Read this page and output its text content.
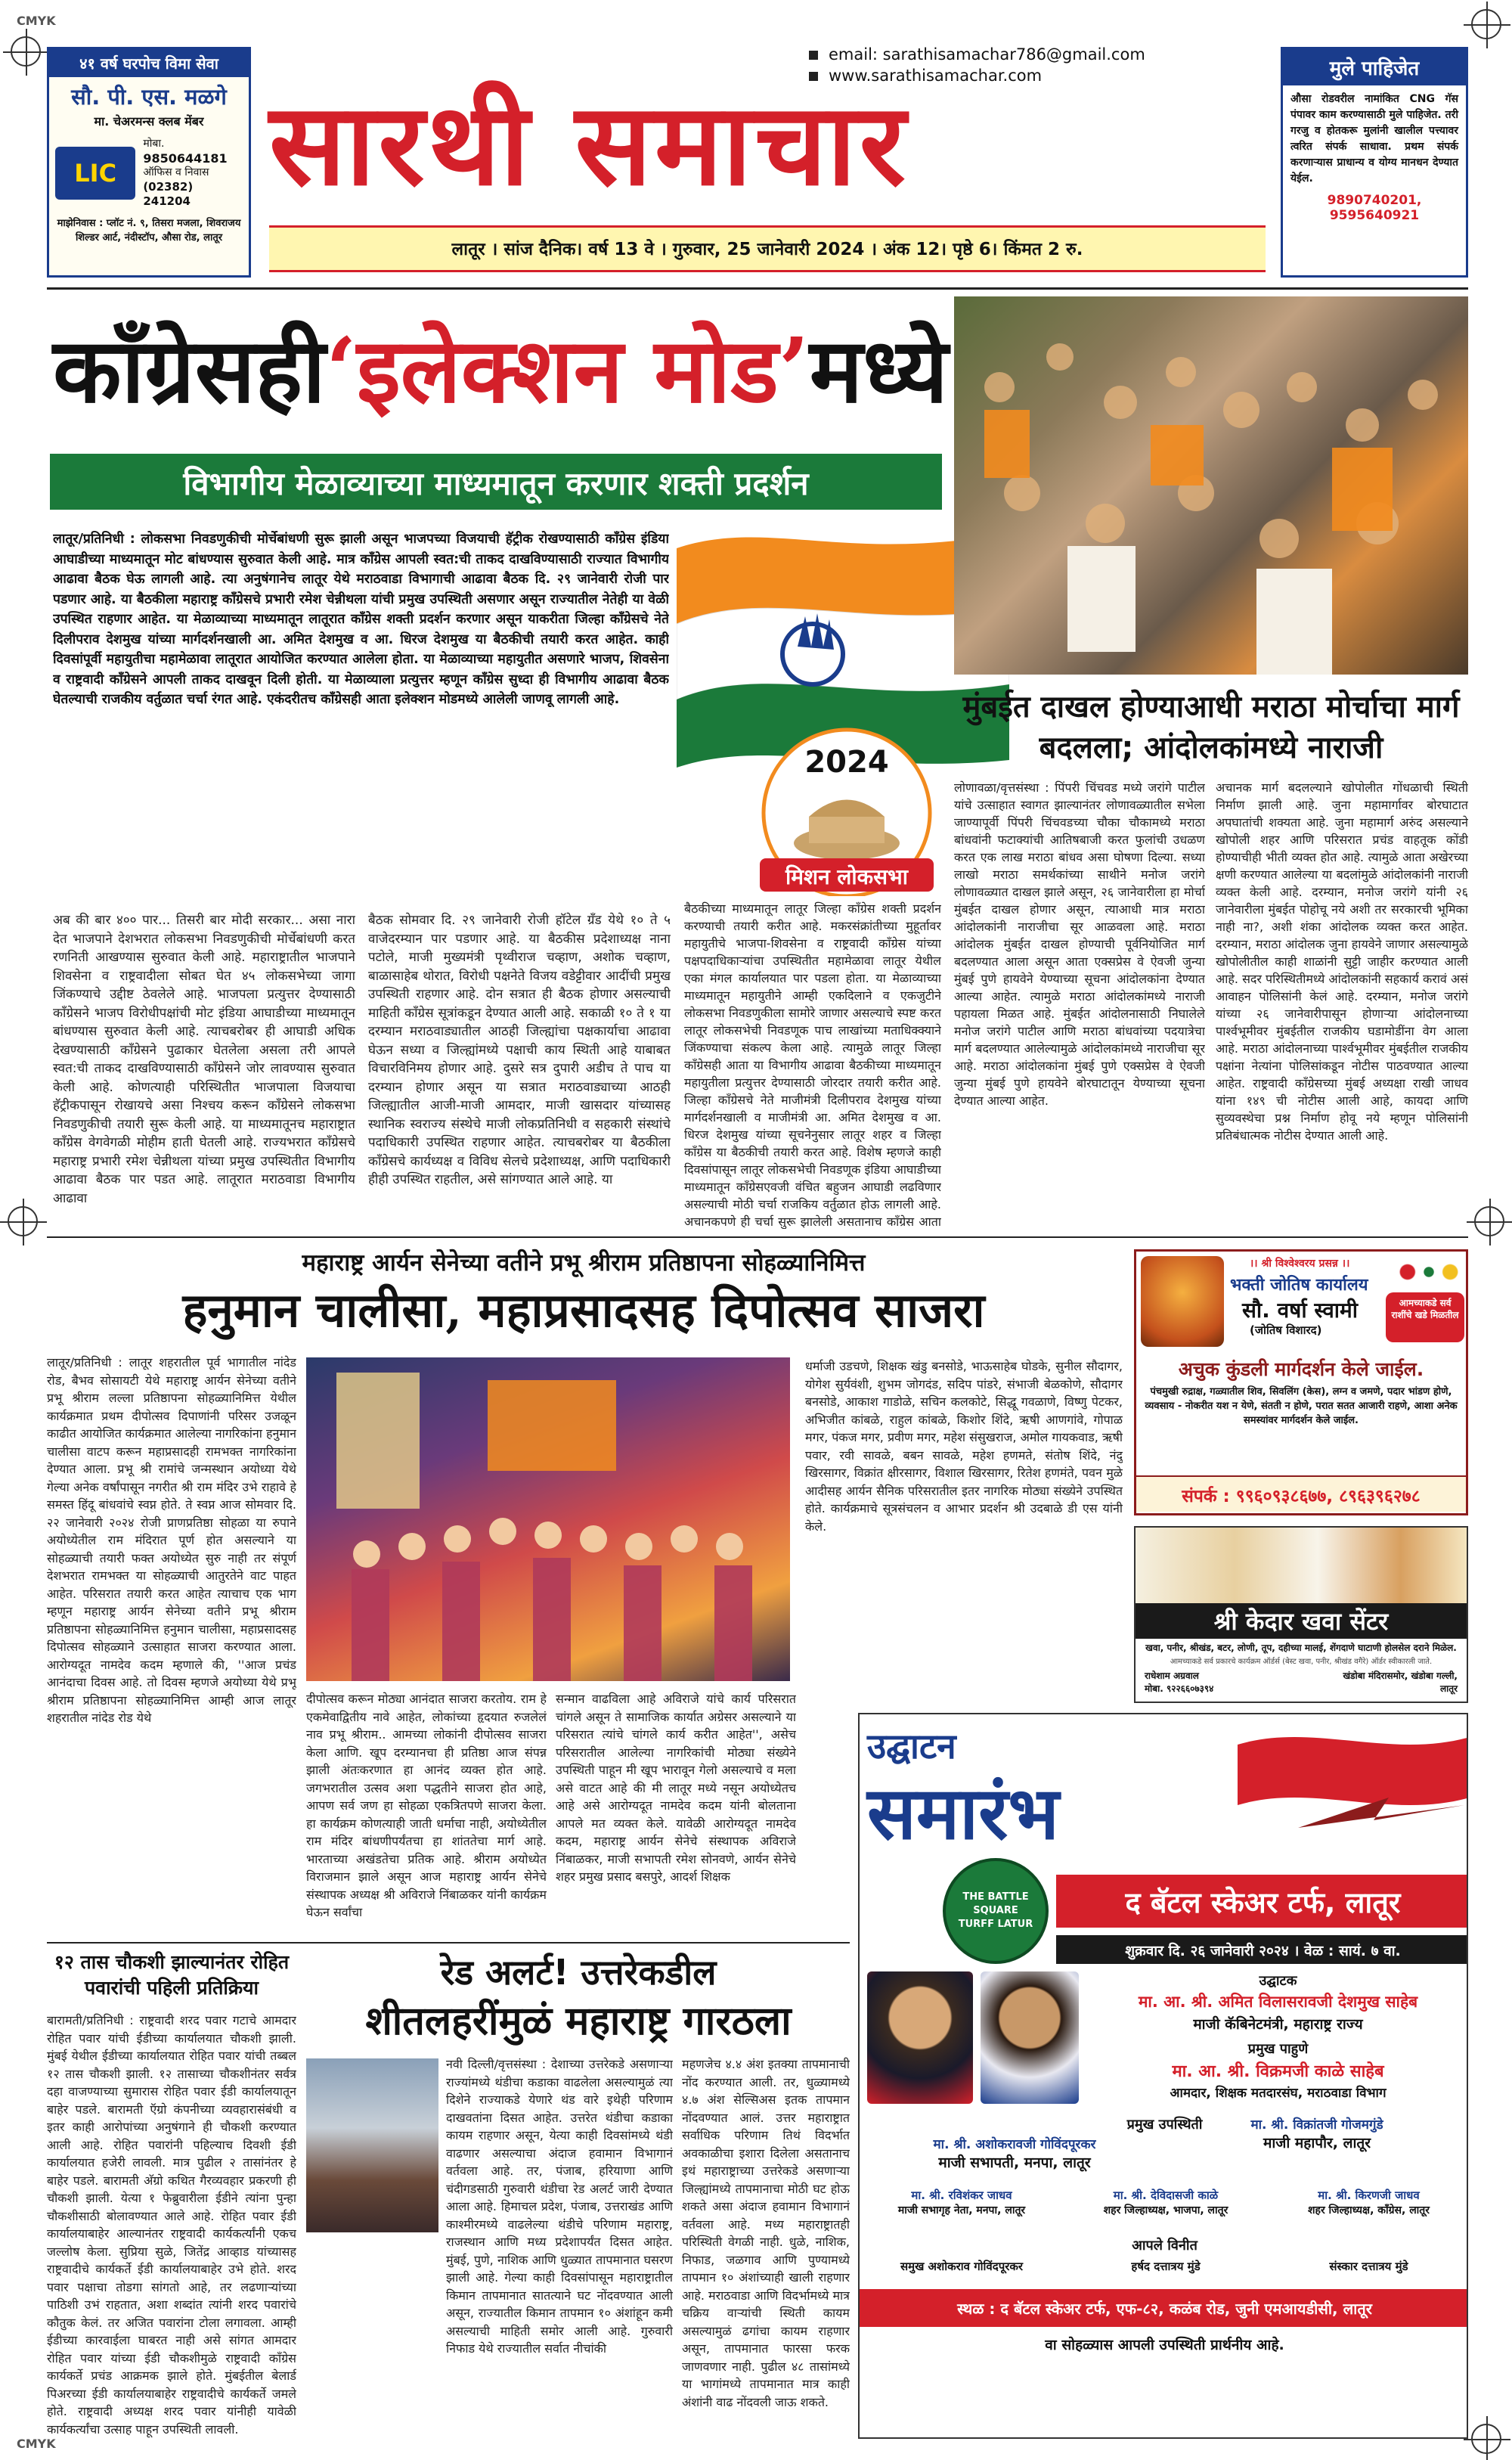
CMYK
CMYK
४१ वर्ष घरपोच विमा सेवा
सौ. पी. एस. मळगे
मा. चेअरमन्स क्लब मेंबर
LIC
मोबा.
9850644181
ऑफिस व निवास
(02382) 241204
माझेनिवास : प्लॉट नं. ९, तिसरा मजला, शिवराजय शिल्डर आर्ट, नंदीस्टॉप, औसा रोड, लातूर
email: sarathisamachar786@gmail.com
www.sarathisamachar.com
सारथी समाचार
लातूर । सांज दैनिक। वर्ष 13 वे । गुरुवार, 25 जानेवारी 2024 । अंक 12। पृष्ठे 6। किंमत 2 रु.
मुले पाहिजेत
औसा रोडवरील नामांकित CNG गॅस पंपावर काम करण्यासाठी मुले पाहिजेत. तरी गरजु व होतकरू मुलांनी खालील पत्त्यावर त्वरित संपर्क साधावा. प्रथम संपर्क करणाऱ्यास प्राधान्य व योग्य मानधन देण्यात येईल.
9890740201, 9595640921
काँग्रेसही‘इलेक्शन मोड’मध्ये
विभागीय मेळाव्याच्या माध्यमातून करणार शक्ती प्रदर्शन

लातूर/प्रतिनिधी : लोकसभा निवडणुकीची मोर्चेबांधणी सुरू झाली असून भाजपच्या विजयाची हॅट्रीक रोखण्यासाठी काँग्रेस इंडिया आघाडीच्या माध्यमातून मोट बांधण्यास सुरुवात केली आहे. मात्र काँग्रेस आपली स्वत:ची ताकद दाखविण्यासाठी राज्यात विभागीय आढावा बैठक घेऊ लागली आहे. त्या अनुषंगानेच लातूर येथे मराठवाडा विभागाची आढावा बैठक दि. २९ जानेवारी रोजी पार पडणार आहे. या बैठकीला महाराष्ट्र काँग्रेसचे प्रभारी रमेश चेन्नीथला यांची प्रमुख उपस्थिती असणार असून राज्यातील नेतेही या वेळी उपस्थित राहणार आहेत. या मेळाव्याच्या माध्यमातून लातूरात काँग्रेस शक्ती प्रदर्शन करणार असून याकरीता जिल्हा काँग्रेसचे नेते दिलीपराव देशमुख यांच्या मार्गदर्शनखाली आ. अमित देशमुख व आ. धिरज देशमुख या बैठकीची तयारी करत आहेत. काही दिवसांपूर्वी महायुतीचा महामेळावा लातूरात आयोजित करण्यात आलेला होता. या मेळाव्याच्या महायुतीत असणारे भाजप, शिवसेना व राष्ट्रवादी काँग्रेसने आपली ताकद दाखवून दिली होती. या मेळाव्याला प्रत्युत्तर म्हणून काँग्रेस सुध्दा ही विभागीय आढावा बैठक घेतल्याची राजकीय वर्तुळात चर्चा रंगत आहे. एकंदरीतच काँग्रेसही आता इलेक्शन मोडमध्ये आलेली जाणवू लागली आहे.

2024
मिशन लोकसभा

अब की बार ४०० पार... तिसरी बार मोदी सरकार... असा नारा देत भाजपाने देशभरात लोकसभा निवडणुकीची मोर्चेबांधणी करत रणनिती आखण्यास सुरुवात केली आहे. महाराष्ट्रातील भाजपाने शिवसेना व राष्ट्रवादीला सोबत घेत ४५ लोकसभेच्या जागा जिंकण्याचे उद्दीष्ट ठेवलेले आहे. भाजपला प्रत्युत्तर देण्यासाठी काँग्रेसने भाजप विरोधीपक्षांची मोट इंडिया आघाडीच्या माध्यमातून बांधण्यास सुरुवात केली आहे. त्याचबरोबर ही आघाडी अधिक देखण्यासाठी काँग्रेसने पुढाकार घेतलेला असला तरी आपले स्वत:ची ताकद दाखविण्यासाठी काँग्रेसने जोर लावण्यास सुरुवात केली आहे. कोणत्याही परिस्थितीत भाजपाला विजयाचा हॅट्रीकपासून रोखायचे असा निश्चय करून काँग्रेसने लोकसभा निवडणुकीची तयारी सुरू केली आहे. या माध्यमातूनच महाराष्ट्रात काँग्रेस वेगवेगळी मोहीम हाती घेतली आहे. राज्यभरात काँग्रेसचे महाराष्ट्र प्रभारी रमेश चेन्नीथला यांच्या प्रमुख उपस्थितीत विभागीय आढावा बैठक पार पडत आहे. लातूरात मराठवाडा विभागीय आढावा

बैठक सोमवार दि. २९ जानेवारी रोजी हॉटेल ग्रँड येथे १० ते ५ वाजेदरम्यान पार पडणार आहे. या बैठकीस प्रदेशाध्यक्ष नाना पटोले, माजी मुख्यमंत्री पृथ्वीराज चव्हाण, अशोक चव्हाण, बाळासाहेब थोरात, विरोधी पक्षनेते विजय वडेट्टीवार आदींची प्रमुख उपस्थिती राहणार आहे. दोन सत्रात ही बैठक होणार असल्याची माहिती काँग्रेस सूत्रांकडून देण्यात आली आहे. सकाळी १० ते १ या दरम्यान मराठवाड्यातील आठही जिल्ह्यांचा पक्षकार्याचा आढावा घेऊन सध्या व जिल्ह्यांमध्ये पक्षाची काय स्थिती आहे याबाबत विचारविनिमय होणार आहे. दुसरे सत्र दुपारी अडीच ते पाच या दरम्यान होणार असून या सत्रात मराठवाड्याच्या आठही जिल्ह्यातील आजी-माजी आमदार, माजी खासदार यांच्यासह स्थानिक स्वराज्य संस्थेचे माजी लोकप्रतिनिधी व सहकारी संस्थांचे पदाधिकारी उपस्थित राहणार आहेत. त्याचबरोबर या बैठकीला काँग्रेसचे कार्यध्यक्ष व विविध सेलचे प्रदेशाध्यक्ष, आणि पदाधिकारी हीही उपस्थित राहतील, असे सांगण्यात आले आहे. या

मुंबईत दाखल होण्याआधी मराठा मोर्चाचा मार्ग बदलला; आंदोलकांमध्ये नाराजी

लोणावळा/वृत्तसंस्था : पिंपरी चिंचवड मध्ये जरांगे पाटील यांचे उत्साहात स्वागत झाल्यानंतर लोणावळ्यातील सभेला जाण्यापूर्वी पिंपरी चिंचवडच्या चौका चौकामध्ये मराठा बांधवांनी फटाक्यांची आतिषबाजी करत फुलांची उधळण करत एक लाख मराठा बांधव असा घोषणा दिल्या. सध्या लाखो मराठा समर्थकांच्या साथीने मनोज जरांगे लोणावळ्यात दाखल झाले असून, २६ जानेवारीला हा मोर्चा मुंबईत दाखल होणार असून, त्याआधी मात्र मराठा आंदोलकांनी नाराजीचा सूर आळवला आहे. मराठा आंदोलक मुंबईत दाखल होण्याची पूर्वनियोजित मार्ग बदलण्यात आला असून आता एक्सप्रेस वे ऐवजी जुन्या मुंबई पुणे हायवेने येण्याच्या सूचना आंदोलकांना देण्यात आल्या आहेत. त्यामुळे मराठा आंदोलकांमध्ये नाराजी पहायला मिळत आहे. मुंबईत आंदोलनासाठी निघालेले मनोज जरांगे पाटील आणि मराठा बांधवांच्या पदयात्रेचा मार्ग बदलण्यात आलेल्यामुळे आंदोलकांमध्ये नाराजीचा सूर आहे. मराठा आंदोलकांना मुंबई पुणे एक्सप्रेस वे ऐवजी जुन्या मुंबई पुणे हायवेने बोरघाटातून येण्याच्या सूचना देण्यात आल्या आहेत.

अचानक मार्ग बदलल्याने खोपोलीत गोंधळाची स्थिती निर्माण झाली आहे. जुना महामार्गावर बोरघाटात अपघातांची शक्यता आहे. जुना महामार्ग अरुंद असल्याने खोपोली शहर आणि परिसरात प्रचंड वाहतूक कोंडी होण्याचीही भीती व्यक्त होत आहे. त्यामुळे आता अखेरच्या क्षणी करण्यात आलेल्या या बदलांमुळे आंदोलकांनी नाराजी व्यक्त केली आहे. दरम्यान, मनोज जरांगे यांनी २६ जानेवारीला मुंबईत पोहोचू नये अशी तर सरकारची भूमिका नाही ना?, अशी शंका आंदोलक व्यक्त करत आहेत. दरम्यान, मराठा आंदोलक जुना हायवेने जाणार असल्यामुळे खोपोलीतील काही शाळांनी सुट्टी जाहीर करण्यात आली आहे. सदर परिस्थितीमध्ये आंदोलकांनी सहकार्य करावं असं आवाहन पोलिसांनी केलं आहे. दरम्यान, मनोज जरांगे यांच्या २६ जानेवारीपासून होणाऱ्या आंदोलनाच्या पार्श्वभूमीवर मुंबईतील राजकीय घडामोडींना वेग आला आहे. मराठा आंदोलनाच्या पार्श्वभूमीवर मुंबईतील राजकीय पक्षांना नेत्यांना पोलिसांकडून नोटीस पाठवण्यात आल्या आहेत. राष्ट्रवादी काँग्रेसच्या मुंबई अध्यक्षा राखी जाधव यांना १४९ ची नोटीस आली आहे, कायदा आणि सुव्यवस्थेचा प्रश्न निर्माण होवू नये म्हणून पोलिसांनी प्रतिबंधात्मक नोटीस देण्यात आली आहे.

महाराष्ट्र आर्यन सेनेच्या वतीने प्रभू श्रीराम प्रतिष्ठापना सोहळ्यानिमित्त
हनुमान चालीसा, महाप्रसादसह दिपोत्सव साजरा

लातूर/प्रतिनिधी : लातूर शहरातील पूर्व भागातील नांदेड रोड, बैभव सोसायटी येथे महाराष्ट्र आर्यन सेनेच्या वतीने प्रभू श्रीराम लल्ला प्रतिष्ठापना सोहळ्यानिमित्त येथील कार्यक्रमात प्रथम दीपोत्सव दिपाणांनी परिसर उजळून काढीत आयोजित कार्यक्रमात आलेल्या नागरिकांना हनुमान चालीसा वाटप करून महाप्रसादही रामभक्त नागरिकांना देण्यात आला. प्रभू श्री रामांचे जन्मस्थान अयोध्या येथे गेल्या अनेक वर्षांपासून नगरीत श्री राम मंदिर उभे राहावे हे समस्त हिंदू बांधवांचे स्वप्न होते. ते स्वप्न आज सोमवार दि. २२ जानेवारी २०२४ रोजी प्राणप्रतिष्ठा सोहळा या रुपाने अयोध्येतील राम मंदिरात पूर्ण होत असल्याने या सोहळ्याची तयारी फक्त अयोध्येत सुरु नाही तर संपूर्ण देशभरात रामभक्त या सोहळ्याची आतुरतेने वाट पाहत आहेत. परिसरात तयारी करत आहेत त्याचाच एक भाग म्हणून महाराष्ट्र आर्यन सेनेच्या वतीने प्रभू श्रीराम प्रतिष्ठापना सोहळ्यानिमित्त हनुमान चालीसा, महाप्रसादसह दिपोत्सव सोहळ्याने उत्साहात साजरा करण्यात आला. आरोग्यदूत नामदेव कदम म्हणाले की, ''आज प्रचंड आनंदाचा दिवस आहे. तो दिवस म्हणजे अयोध्या येथे प्रभू श्रीराम प्रतिष्ठापना सोहळ्यानिमित्त आम्ही आज लातूर शहरातील नांदेड रोड येथे

दीपोत्सव करून मोठ्या आनंदात साजरा करतोय. राम हे एकमेवाद्वितीय नावे आहेत, लोकांच्या हृदयात रुजलेलं नाव प्रभू श्रीराम.. आमच्या लोकांनी दीपोत्सव साजरा केला आणि. खूप दरम्यानचा ही प्रतिष्ठा आज संपन्न झाली अंतःकरणात हा आनंद व्यक्त होत आहे. जगभरातील उत्सव अशा पद्धतीने साजरा होत आहे, आपण सर्व जण हा सोहळा एकत्रितपणे साजरा केला. हा कार्यक्रम कोणत्याही जाती धर्माचा नाही, अयोध्येतील राम मंदिर बांधणीपर्यंतचा हा शांततेचा मार्ग आहे. भारताच्या अखंडतेचा प्रतिक आहे. श्रीराम अयोध्येत विराजमान झाले असून आज महाराष्ट्र आर्यन सेनेचे संस्थापक अध्यक्ष श्री अविराजे निंबाळकर यांनी कार्यक्रम घेऊन सर्वांचा

सन्मान वाढविला आहे अविराजे यांचे कार्य परिसरात चांगले असून ते सामाजिक कार्यात अग्रेसर असल्याने या परिसरात त्यांचे चांगले कार्य करीत आहेत'', असेच परिसरातील आलेल्या नागरिकांची मोठ्या संख्येने उपस्थिती पाहून मी खूप भारावून गेलो असल्याचे व मला असे वाटत आहे की मी लातूर मध्ये नसून अयोध्येतच आहे असे आरोग्यदूत नामदेव कदम यांनी बोलताना आपले मत व्यक्त केले. यावेळी आरोग्यदूत नामदेव कदम, महाराष्ट्र आर्यन सेनेचे संस्थापक अविराजे निंबाळकर, माजी सभापती रमेश सोनवणे, आर्यन सेनेचे शहर प्रमुख प्रसाद बसपुरे, आदर्श शिक्षक

धर्माजी उडचणे, शिक्षक खंडु बनसोडे, भाऊसाहेब घोडके, सुनील सौदागर, योगेश सुर्यवंशी, शुभम जोगदंड, सदिप पांडरे, संभाजी बेळकोणे, सौदागर बनसोडे, आकाश गाडोळे, सचिन कलकोटे, सिद्धू गवळाणे, विष्णु पेटकर, अभिजीत कांबळे, राहुल कांबळे, किशोर शिंदे, ऋषी आणगांवे, गोपाळ मगर, पंकज मगर, प्रवीण मगर, महेश संसुखराज, अमोल गायकवाड, ऋषी पवार, रवी सावळे, बबन सावळे, महेश हणमते, संतोष शिंदे, नंदु खिरसागर, विक्रांत क्षीरसागर, विशाल खिरसागर, रितेश हणमंते, पवन मुळे आदीसह आर्यन सैनिक परिसरातील इतर नागरिक मोठ्या संख्येने उपस्थित होते. कार्यक्रमाचे सूत्रसंचलन व आभार प्रदर्शन श्री उदबाळे डी एस यांनी केले.

।। श्री विश्वेश्वरय प्रसन्न ।।
भक्ती जोतिष कार्यालय
सौ. वर्षा स्वामी
(जोतिष विशारद)
आमच्याकडे सर्व राशींचे खडे मिळतील
अचुक कुंडली मार्गदर्शन केले जाईल.
पंचमुखी रुद्राक्ष, गळ्यातील शिव, सिवलिंग (केस), लग्न व जमणे, पदार भांडण होणे, व्यवसाय - नोकरीत यश न येणे, संतती न होणे, परात सतत आजारी राहणे, आशा अनेक समस्यांवर मार्गदर्शन केले जाईल.
संपर्क : ९९६०९३८६७७, ८९६३९६२७८
श्री केदार खवा सेंटर
खवा, पनीर, श्रीखंड, बटर, लोणी, तूप, दहीच्या मालई, शेंगदाणे घाटाणी होलसेल दराने मिळेल.
आमच्याकडे सर्व प्रकारचे कार्यक्रम ऑर्डर्स (बेस्ट खवा, पनीर, श्रीखंड वगैरे) ऑर्डर स्वीकारली जाते.
राधेशाम अग्रवाल
मोबा. ९२२६६०७३९४
खंडोबा मंदिरासमोर, खंडोबा गल्ली, लातूर
१२ तास चौकशी झाल्यानंतर रोहित पवारांची पहिली प्रतिक्रिया

बारामती/प्रतिनिधी : राष्ट्रवादी शरद पवार गटाचे आमदार रोहित पवार यांची ईडीच्या कार्यालयात चौकशी झाली. मुंबई येथील ईडीच्या कार्यालयात रोहित पवार यांची तब्बल १२ तास चौकशी झाली. १२ तासाच्या चौकशीनंतर सर्वत्र दहा वाजण्याच्या सुमारास रोहित पवार ईडी कार्यालयातून बाहेर पडले. बारामती ऍग्रो कंपनीच्या व्यवहारासंबंधी व इतर काही आरोपांच्या अनुषंगाने ही चौकशी करण्यात आली आहे. रोहित पवारांनी पहिल्याच दिवशी ईडी कार्यालयात हजेरी लावली. मात्र पुढील २ तासांनंतर हे बाहेर पडले. बारामती अ‍ॅग्रो कथित गैरव्यवहार प्रकरणी ही चौकशी झाली. येत्या १ फेब्रुवारीला ईडीने त्यांना पुन्हा चौकशीसाठी बोलावण्यात आले आहे. रोहित पवार ईडी कार्यालयाबाहेर आल्यानंतर राष्ट्रवादी कार्यकर्त्यांनी एकच जल्लोष केला. सुप्रिया सुळे, जितेंद्र आव्हाड यांच्यासह राष्ट्रवादीचे कार्यकर्ते ईडी कार्यालयाबाहेर उभे होते. शरद पवार पक्षाचा तोडगा सांगतो आहे, तर लढणाऱ्यांच्या पाठिशी उभं राहतात, अशा शब्दांत त्यांनी शरद पवारांचे कौतुक केलं. तर अजित पवारांना टोला लगावला. आम्ही ईडीच्या कारवाईला घाबरत नाही असे सांगत आमदार रोहित पवार यांच्या ईडी चौकशीमुळे राष्ट्रवादी काँग्रेस कार्यकर्ते प्रचंड आक्रमक झाले होते. मुंबईतील बेलार्ड पिअरच्या ईडी कार्यालयाबाहेर राष्ट्रवादीचे कार्यकर्ते जमले होते. राष्ट्रवादी अध्यक्ष शरद पवार यांनीही यावेळी कार्यकर्त्यांचा उत्साह पाहून उपस्थिती लावली.

रेड अलर्ट! उत्तरेकडील
शीतलहरींमुळं महाराष्ट्र गारठला

नवी दिल्ली/वृत्तसंस्था : देशाच्या उत्तरेकडे असणाऱ्या राज्यांमध्ये थंडीचा कडाका वाढलेला असल्यामुळं त्या दिशेने राज्याकडे येणारे थंड वारे इथेही परिणाम दाखवतांना दिसत आहेत. उत्तरेत थंडीचा कडाका कायम राहणार असून, येत्या काही दिवसांमध्ये थंडी वाढणार असल्याचा अंदाज हवामान विभागानं वर्तवला आहे. तर, पंजाब, हरियाणा आणि चंदीगडसाठी गुरुवारी थंडीचा रेड अलर्ट जारी देण्यात आला आहे. हिमाचल प्रदेश, पंजाब, उत्तराखंड आणि काश्मीरमध्ये वाढलेल्या थंडीचे परिणाम महाराष्ट्र, राजस्थान आणि मध्य प्रदेशापर्यंत दिसत आहेत. मुंबई, पुणे, नाशिक आणि धुळ्यात तापमानात घसरण झाली आहे. गेल्या काही दिवसांपासून महाराष्ट्रातील किमान तापमानात सातत्याने घट नोंदवण्यात आली असून, राज्यातील किमान तापमान १० अंशांहून कमी असल्याची माहिती समोर आली आहे. गुरुवारी निफाड येथे राज्यातील सर्वात नीचांकी

महणजेच ४.४ अंश इतक्या तापमानाची नोंद करण्यात आली. तर, धुळ्यामध्ये ४.७ अंश सेल्सिअस इतक तापमान नोंदवण्यात आलं. उत्तर महाराष्ट्रात सर्वाधिक परिणाम तिथं विदर्भात अवकाळीचा इशारा दिलेला असतानाच इथं महाराष्ट्राच्या उत्तरेकडे असणाऱ्या जिल्ह्यांमध्ये तापमानाचा मोठी घट होऊ शकते असा अंदाज हवामान विभागानं वर्तवला आहे. मध्य महाराष्ट्रातही परिस्थिती वेगळी नाही. धुळे, नाशिक, निफाड, जळगाव आणि पुण्यामध्ये तापमान १० अंशांच्याही खाली राहणार आहे. मराठवाडा आणि विदर्भामध्ये मात्र चक्रिय वाऱ्यांची स्थिती कायम असल्यामुळं ढगांचा कायम राहणार असून, तापमानात फारसा फरक जाणवणार नाही. पुढील ४८ तासांमध्ये या भागांमध्ये तापमानात मात्र काही अंशांनी वाढ नोंदवली जाऊ शकते.

उद्घाटन
समारंभ
THE BATTLE SQUARE TURFF LATUR
द बॅटल स्केअर टर्फ, लातूर
शुक्रवार दि. २६ जानेवारी २०२४ । वेळ : सायं. ७ वा.
उद्घाटक
मा. आ. श्री. अमित विलासरावजी देशमुख साहेब
माजी कॅबिनेटमंत्री, महाराष्ट्र राज्य
प्रमुख पाहुणे
मा. आ. श्री. विक्रमजी काळे साहेब
आमदार, शिक्षक मतदारसंघ, मराठवाडा विभाग
प्रमुख उपस्थिती
मा. श्री. अशोकरावजी गोविंदपूरकर
माजी सभापती, मनपा, लातूर
मा. श्री. विक्रांतजी गोजमगुंडे
माजी महापौर, लातूर
मा. श्री. रविशंकर जाधव
माजी सभागृह नेता, मनपा, लातूर
मा. श्री. देविदासजी काळे
शहर जिल्हाध्यक्ष, भाजपा, लातूर
मा. श्री. किरणजी जाधव
शहर जिल्हाध्यक्ष, काँग्रेस, लातूर
आपले विनीत
समुख अशोकराव गोविंदपूरकर	हर्षद दत्तात्रय मुंडे	संस्कार दत्तात्रय मुंडे
स्थळ : द बॅटल स्केअर टर्फ, एफ-८२, कळंब रोड, जुनी एमआयडीसी, लातूर
वा सोहळ्यास आपली उपस्थिती प्रार्थनीय आहे.

बैठकीच्या माध्यमातून लातूर जिल्हा काँग्रेस शक्ती प्रदर्शन करण्याची तयारी करीत आहे. मकरसंक्रांतीच्या मुहूर्तावर महायुतीचे भाजपा-शिवसेना व राष्ट्रवादी काँग्रेस यांच्या पक्षपदाधिकाऱ्यांचा उपस्थितीत महामेळावा लातूर येथील एका मंगल कार्यालयात पार पडला होता. या मेळाव्याच्या माध्यमातून महायुतीने आम्ही एकदिलाने व एकजुटीने लोकसभा निवडणुकीला सामोरे जाणार असल्याचे स्पष्ट करत लातूर लोकसभेची निवडणूक पाच लाखांच्या मताधिक्क्याने जिंकण्याचा संकल्प केला आहे. त्यामुळे लातूर जिल्हा काँग्रेसही आता या विभागीय आढावा बैठकीच्या माध्यमातून महायुतीला प्रत्युत्तर देण्यासाठी जोरदार तयारी करीत आहे. जिल्हा काँग्रेसचे नेते माजीमंत्री दिलीपराव देशमुख यांच्या मार्गदर्शनखाली व माजीमंत्री आ. अमित देशमुख व आ. धिरज देशमुख यांच्या सूचनेनुसार लातूर शहर व जिल्हा काँग्रेस या बैठकीची तयारी करत आहे. विशेष म्हणजे काही दिवसांपासून लातूर लोकसभेची निवडणूक इंडिया आघाडीच्या माध्यमातून काँग्रेसएवजी वंचित बहुजन आघाडी लढविणार असल्याची मोठी चर्चा राजकिय वर्तुळात होऊ लागली आहे. अचानकपणे ही चर्चा सुरू झालेली असतानाच काँग्रेस आता
